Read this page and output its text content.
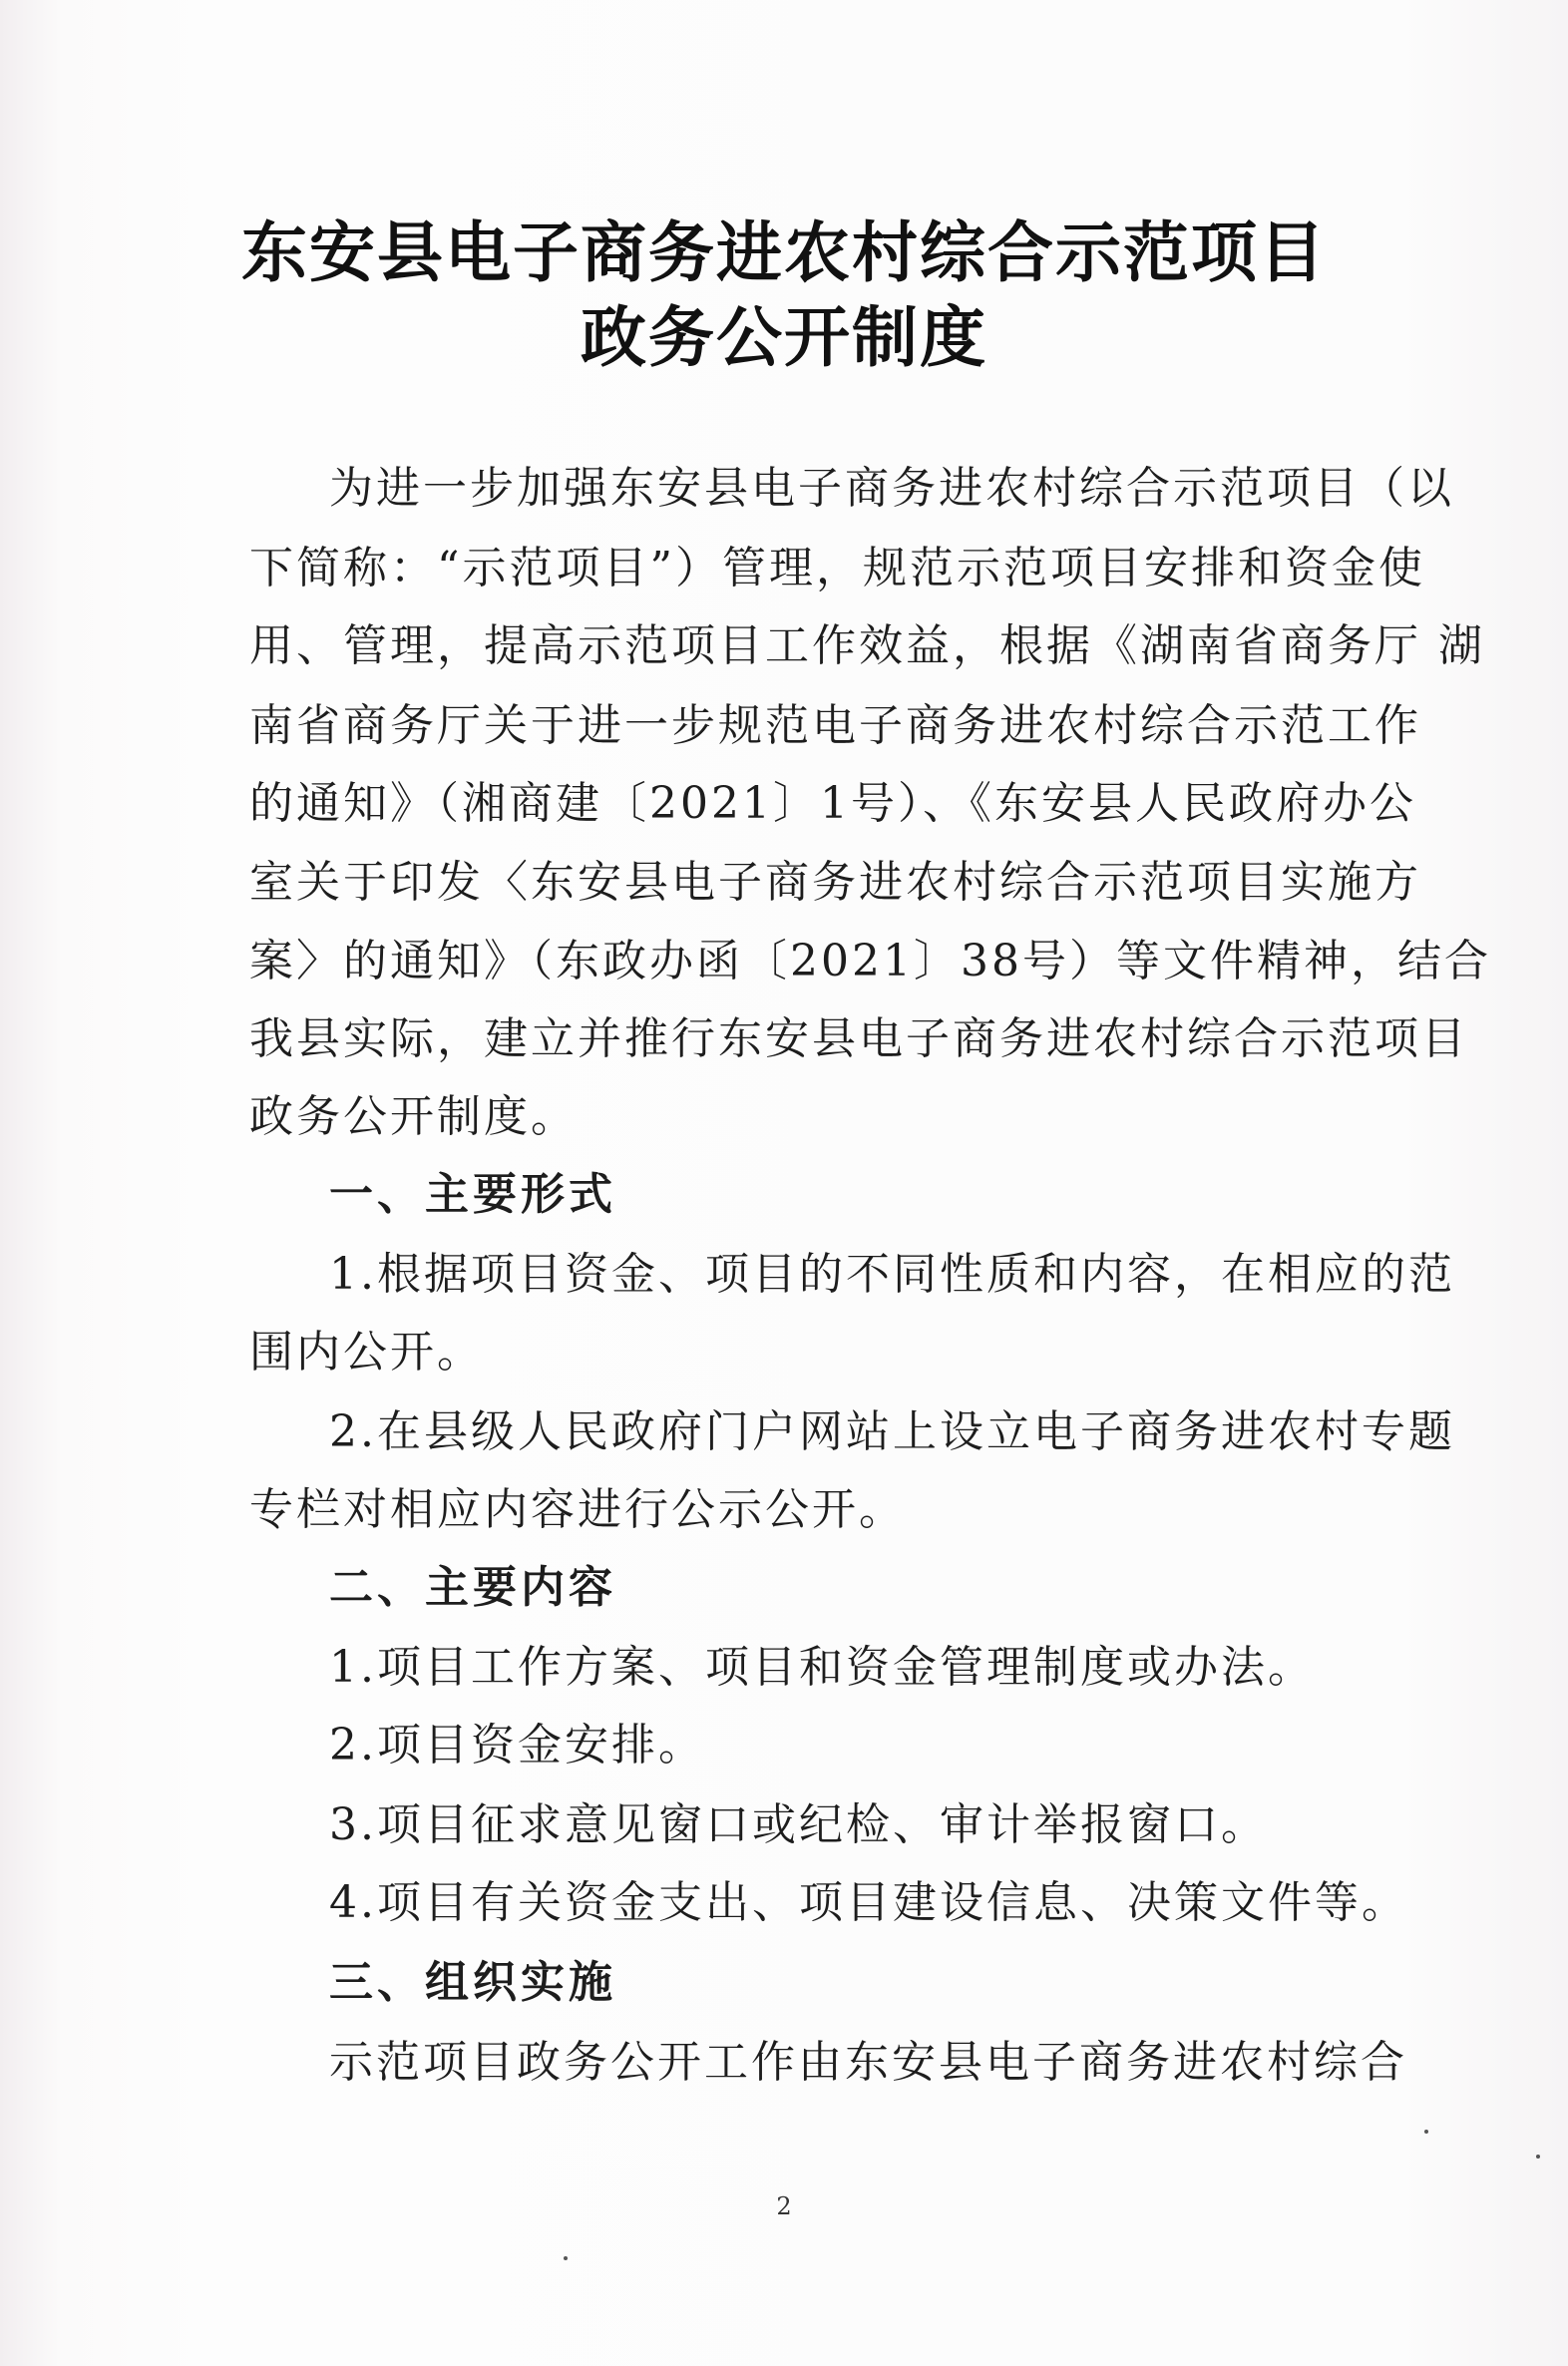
东安县电子商务进农村综合示范项目
政务公开制度
为进一步加强东安县电子商务进农村综合示范项目（以
下简称：“示范项目”）管理，规范示范项目安排和资金使
用、管理，提高示范项目工作效益，根据《湖南省商务厅 湖
南省商务厅关于进一步规范电子商务进农村综合示范工作
的通知》（湘商建〔2021〕1号）、《东安县人民政府办公
室关于印发〈东安县电子商务进农村综合示范项目实施方
案〉的通知》（东政办函〔2021〕38号）等文件精神，结合
我县实际，建立并推行东安县电子商务进农村综合示范项目
政务公开制度。
一、主要形式
1.根据项目资金、项目的不同性质和内容，在相应的范
围内公开。
2.在县级人民政府门户网站上设立电子商务进农村专题
专栏对相应内容进行公示公开。
二、主要内容
1.项目工作方案、项目和资金管理制度或办法。
2.项目资金安排。
3.项目征求意见窗口或纪检、审计举报窗口。
4.项目有关资金支出、项目建设信息、决策文件等。
三、组织实施
示范项目政务公开工作由东安县电子商务进农村综合
2
